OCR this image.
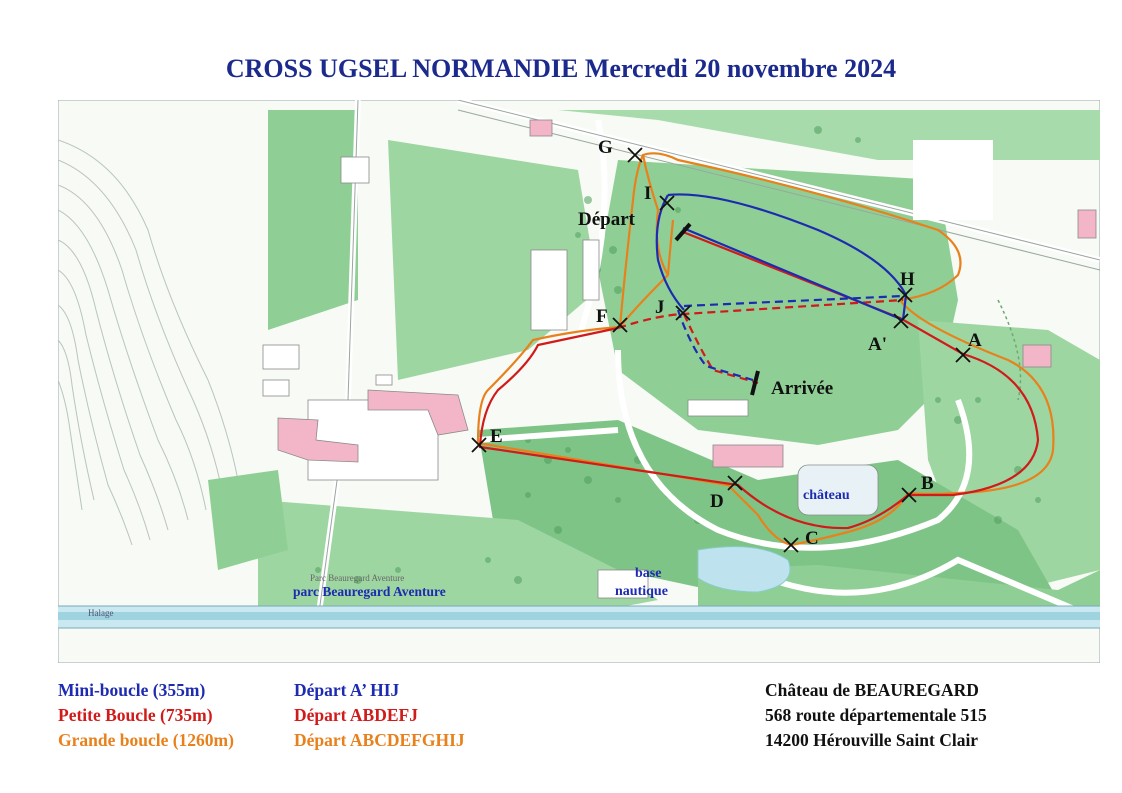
CROSS UGSEL NORMANDIE Mercredi 20 novembre 2024
G
I
H
F J
A'	A
E
D
B
C
Départ
Arrivée
château
base
nautique
Parc Beauregard Aventure
parc Beauregard Aventure
Halage
Mini-boucle (355m)
Petite Boucle (735m)
Grande boucle (1260m)
Départ A’ HIJ
Départ ABDEFJ
Départ ABCDEFGHIJ
Château de BEAUREGARD
568 route départementale 515
14200 Hérouville Saint Clair
